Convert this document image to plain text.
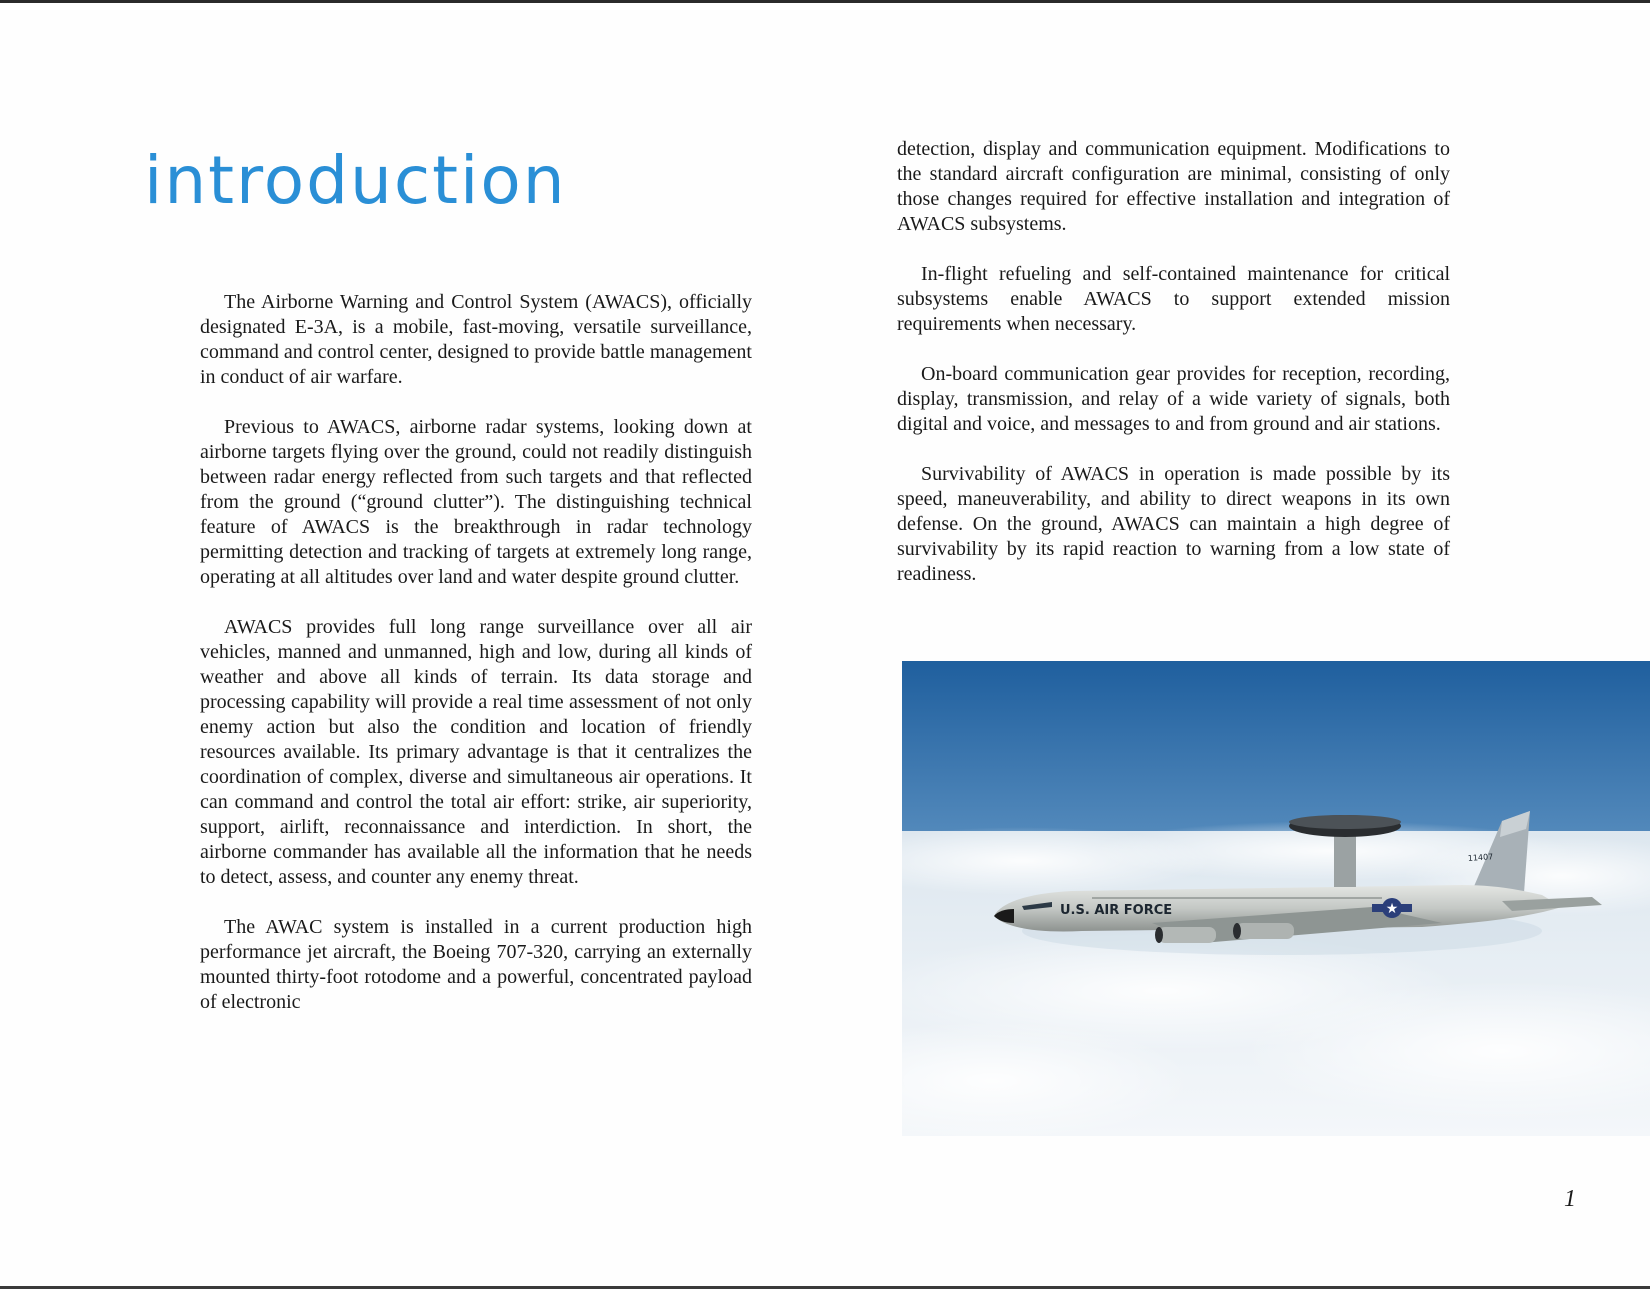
introduction

The Airborne Warning and Control System (AWACS), officially designated E-3A, is a mobile, fast-moving, versatile surveillance, command and control center, designed to provide battle management in conduct of air warfare.

Previous to AWACS, airborne radar systems, looking down at airborne targets flying over the ground, could not readily distinguish between radar energy reflected from such targets and that reflected from the ground (“ground clutter”). The distinguishing technical feature of AWACS is the breakthrough in radar technology permitting detection and tracking of targets at extremely long range, operating at all altitudes over land and water despite ground clutter.

AWACS provides full long range surveillance over all air vehicles, manned and unmanned, high and low, during all kinds of weather and above all kinds of terrain. Its data storage and processing capability will provide a real time assessment of not only enemy action but also the condition and location of friendly resources available. Its primary advantage is that it centralizes the coordination of complex, diverse and simultaneous air operations. It can command and control the total air effort: strike, air superiority, support, airlift, reconnaissance and interdiction. In short, the airborne commander has available all the information that he needs to detect, assess, and counter any enemy threat.

The AWAC system is installed in a current production high performance jet aircraft, the Boeing 707-320, carrying an externally mounted thirty-foot rotodome and a powerful, concentrated payload of electronic

detection, display and communication equipment. Modifications to the standard aircraft configuration are minimal, consisting of only those changes required for effective installation and integration of AWACS subsystems.

In-flight refueling and self-contained maintenance for critical subsystems enable AWACS to support extended mission requirements when necessary.

On-board communication gear provides for reception, recording, display, transmission, and relay of a wide variety of signals, both digital and voice, and messages to and from ground and air stations.

Survivability of AWACS in operation is made possible by its speed, maneuverability, and ability to direct weapons in its own defense. On the ground, AWACS can maintain a high degree of survivability by its rapid reaction to warning from a low state of readiness.

U.S. AIR FORCE	★
11407
1
